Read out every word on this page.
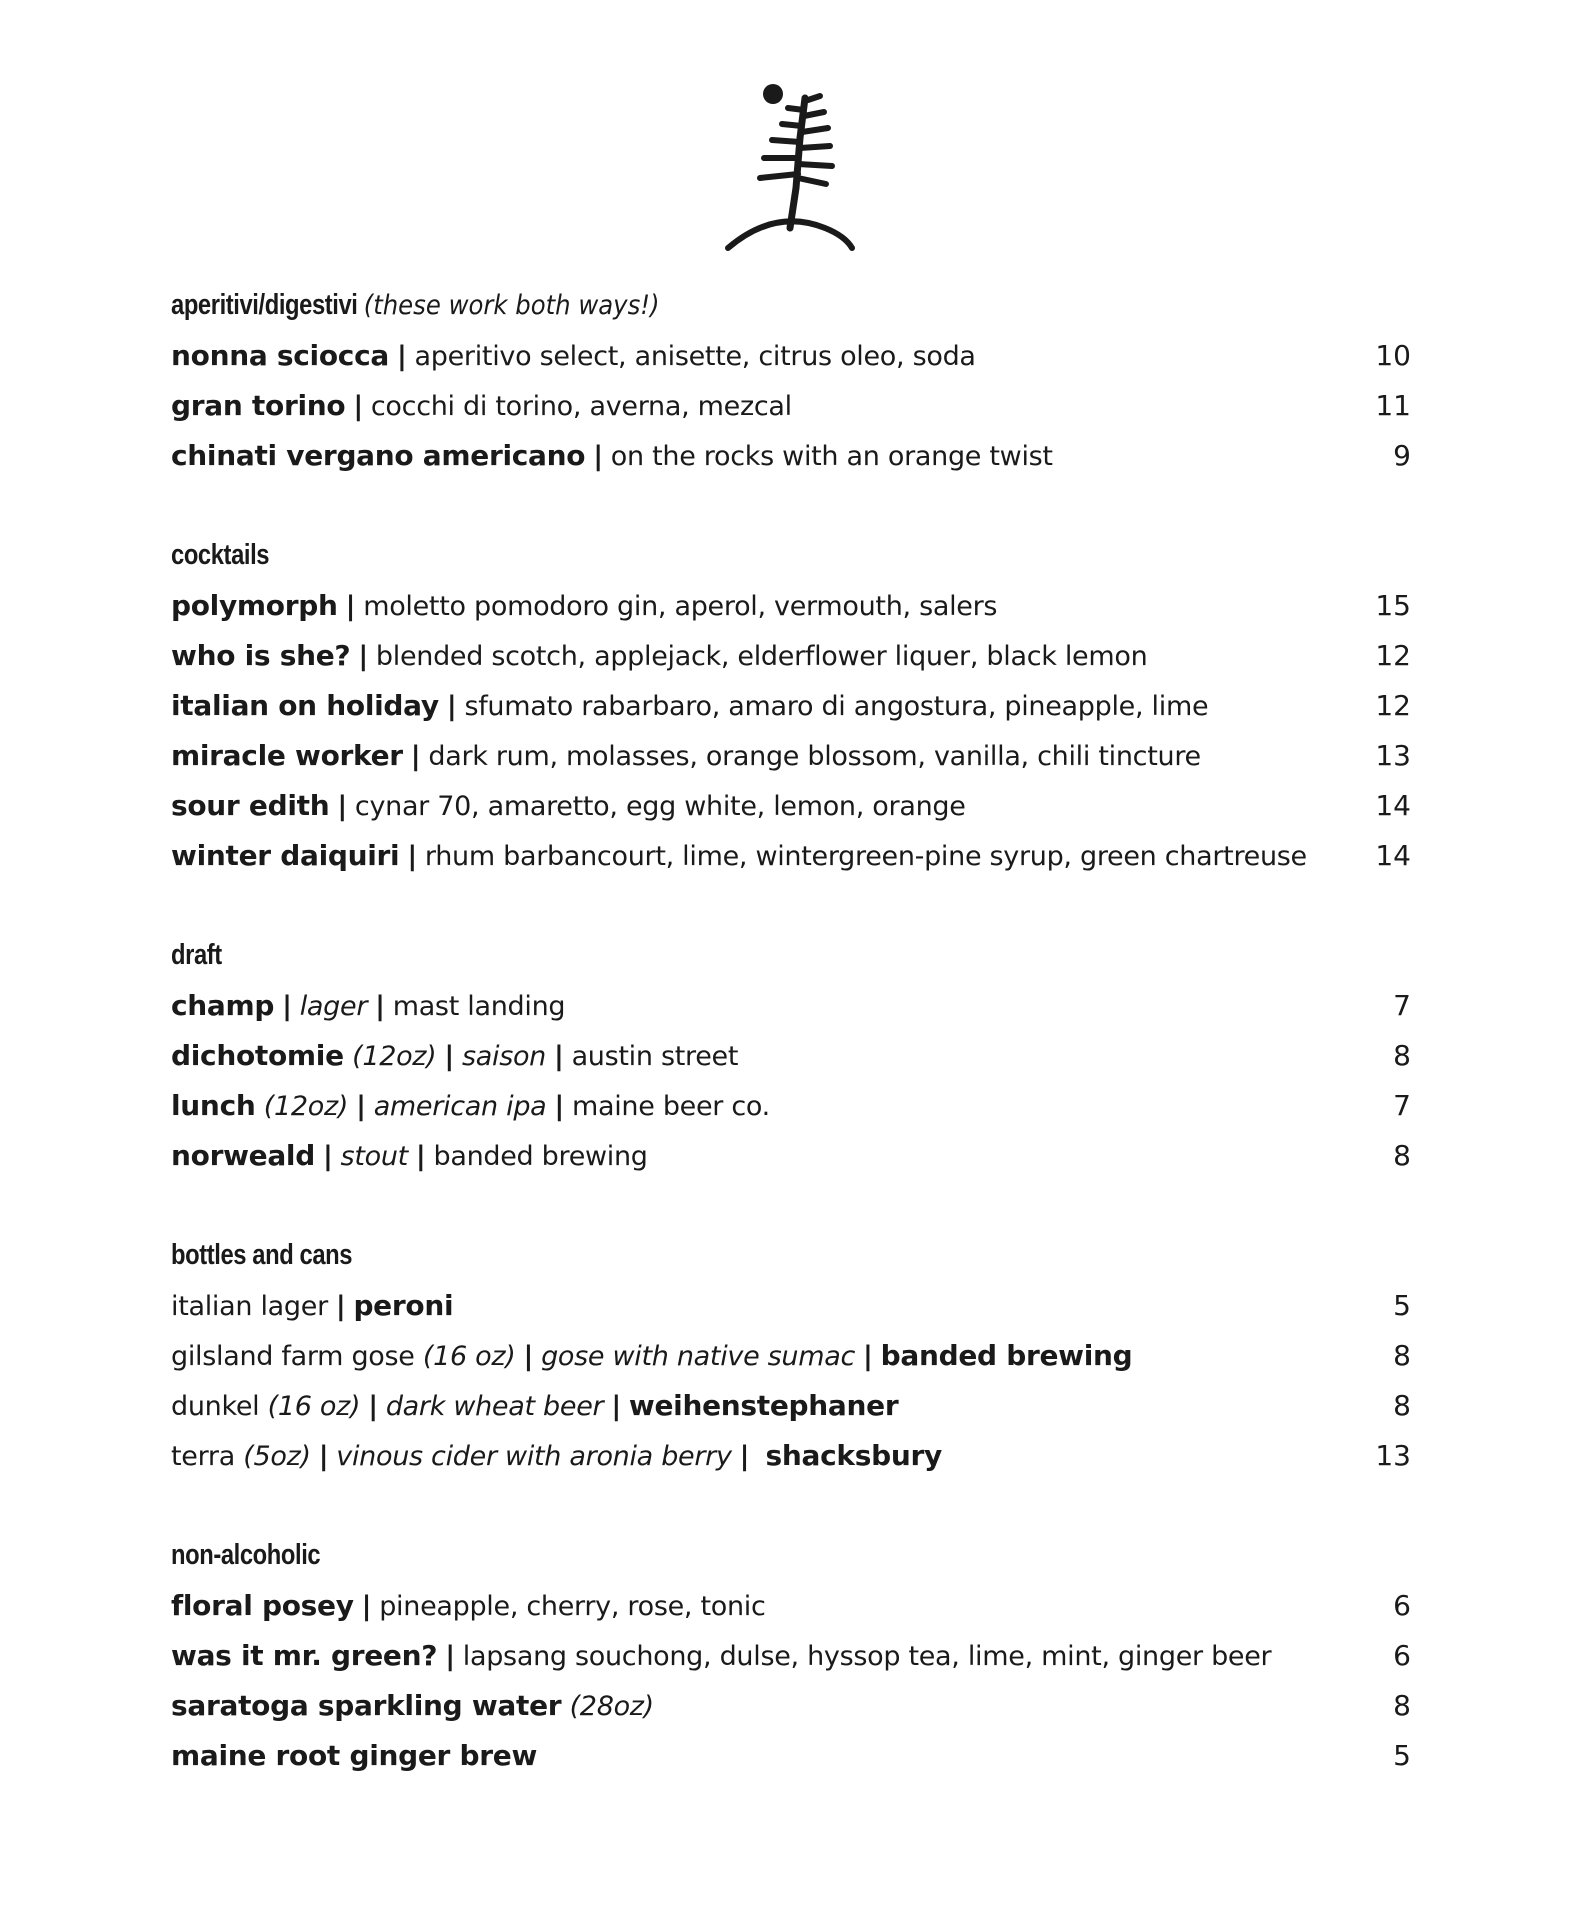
aperitivi/digestivi (these work both ways!)
nonna sciocca | aperitivo select, anisette, citrus oleo, soda	10
gran torino | cocchi di torino, averna, mezcal	11
chinati vergano americano | on the rocks with an orange twist	9
cocktails
polymorph | moletto pomodoro gin, aperol, vermouth, salers	15
who is she? | blended scotch, applejack, elderflower liquer, black lemon	12
italian on holiday | sfumato rabarbaro, amaro di angostura, pineapple, lime	12
miracle worker | dark rum, molasses, orange blossom, vanilla, chili tincture	13
sour edith | cynar 70, amaretto, egg white, lemon, orange	14
winter daiquiri | rhum barbancourt, lime, wintergreen-pine syrup, green chartreuse 14
draft
champ | lager | mast landing	7
dichotomie (12oz) | saison | austin street	8
lunch (12oz) | american ipa | maine beer co.	7
norweald | stout | banded brewing	8
bottles and cans
italian lager | peroni	5
gilsland farm gose (16 oz) | gose with native sumac | banded brewing	8
dunkel (16 oz) | dark wheat beer | weihenstephaner	8
terra (5oz) | vinous cider with aronia berry | shacksbury	13
non-alcoholic
floral posey | pineapple, cherry, rose, tonic	6
was it mr. green? | lapsang souchong, dulse, hyssop tea, lime, mint, ginger beer	6
saratoga sparkling water (28oz)	8
maine root ginger brew	5
